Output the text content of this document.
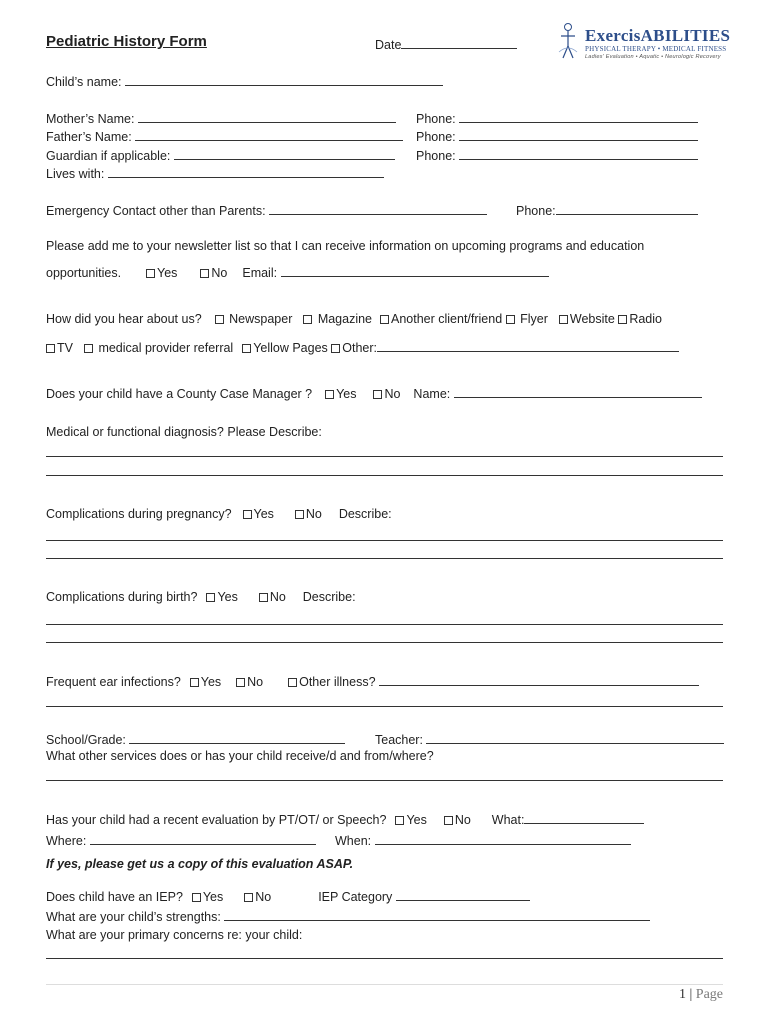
Pediatric History Form	Date	ExercisABILITIES
PHYSICAL THERAPY • MEDICAL FITNESS
Ladies' Evaluation • Aquatic • Neurologic Recovery
Child’s name:
Mother’s Name:	Phone:
Father’s Name:	Phone:
Guardian if applicable:	Phone:
Lives with:
Emergency Contact other than Parents:	Phone:
Please add me to your newsletter list so that I can receive information on upcoming programs and education
opportunities.	Yes	No Email:
How did you hear about us? Newspaper Magazine Another client/friend Flyer Website Radio
TV medical provider referral Yellow Pages Other:
Does your child have a County Case Manager ? Yes No Name:
Medical or functional diagnosis? Please Describe:
Complications during pregnancy? Yes	No Describe:
Complications during birth? Yes	No Describe:
Frequent ear infections? Yes No	Other illness?
School/Grade:	Teacher:
What other services does or has your child receive/d and from/where?
Has your child had a recent evaluation by PT/OT/ or Speech? Yes No What:
Where:	When:
If yes, please get us a copy of this evaluation ASAP.
Does child have an IEP? Yes	No	IEP Category
What are your child’s strengths:
What are your primary concerns re: your child:
1 | Page
